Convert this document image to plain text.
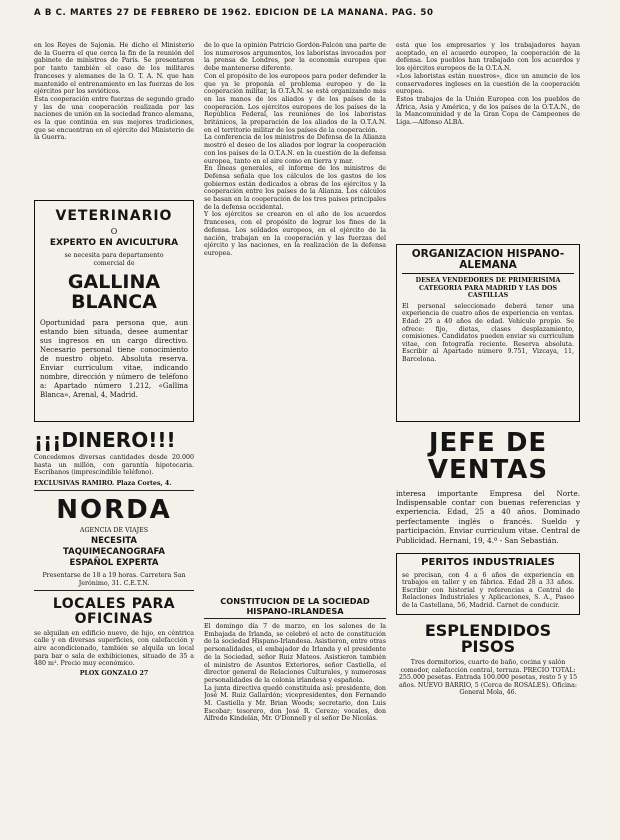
A B C. MARTES 27 DE FEBRERO DE 1962. EDICION DE LA MAÑANA. PAG. 50

en los Reyes de Sajonia. He dicho el Ministerio de la Guerra el que cerca la fin de la reunión del gabinete de ministros de París. Se presentaron por tanto también el caso de los militares franceses y alemanes de la O. T. A. N. que han mantenido el entrenamiento en las fuerzas de los ejércitos por los soviéticos.
Esta cooperación entre fuerzas de segundo grado y las de una cooperación realizada por las naciones de unión en la sociedad franco alemana, es la que continúa en sus mejores tradiciones, que se encuentran en el ejército del Ministerio de la Guerra.

VETERINARIO
O
EXPERTO EN AVICULTURA
se necesita para departamento comercial de
GALLINA BLANCA

Oportunidad para persona que, aun estando bien situada, desee aumentar sus ingresos en un cargo directivo. Necesario personal tiene conocimiento de nuestro objeto. Absoluta reserva. Enviar curriculum vitae, indicando nombre, dirección y número de teléfono a: Apartado número 1.212, «Gallina Blanca», Arenal, 4, Madrid.

¡¡¡DINERO!!!

Concedemos diversas cantidades desde 20.000 hasta un millón, con garantía hipotecaria. Escríbanos (imprescindible teléfono).

EXCLUSIVAS RAMIRO. Plaza Cortes, 4.
NORDA
AGENCIA DE VIAJES
NECESITA TAQUIMECANOGRAFA ESPAÑOL EXPERTA
Presentarse de 18 a 19 horas. Carretera San Jerónimo, 31. C.E.T.N.
LOCALES PARA OFICINAS

se alquilan en edificio nuevo, de lujo, en céntrica calle y en diversas superficies, con calefacción y aire acondicionado, también se alquila un local para bar o sala de exhibiciones, situado de 35 a 480 m². Precio muy económico.

PLOX GONZALO 27

de lo que la opinión Patricio Gordón-Falcón una parte de los numerosos argumentos, los laboristas invocados por la prensa de Londres, por la economía europea que debe mantenerse diferente.
Con el propósito de los europeos para poder defender la que ya le proponía el problema europeo y de la cooperación militar, la O.T.A.N. se está organizando más en las manos de los aliados y de los países de la cooperación. Los ejércitos europeos de los países de la República Federal, las reuniones de los laboristas británicos, la preparación de los aliados de la O.T.A.N. en el territorio militar de los países de la cooperación.
La conferencia de los ministros de Defensa de la Alianza mostró el deseo de los aliados por lograr la cooperación con los países de la O.T.A.N. en la cuestión de la defensa europea, tanto en el aire como en tierra y mar.
En líneas generales, el informe de los ministros de Defensa señala que los cálculos de los gastos de los gobiernos están dedicados a obras de los ejércitos y la cooperación entre los países de la Alianza. Los cálculos se basan en la cooperación de los tres países principales de la defensa occidental.
Y los ejércitos se crearon en el año de los acuerdos franceses, con el propósito de lograr los fines de la defensa. Los soldados europeos, en el ejército de la nación, trabajan en la cooperación y las fuerzas del ejército y las naciones, en la realización de la defensa europea.

CONSTITUCION DE LA SOCIEDAD HISPANO-IRLANDESA

El domingo día 7 de marzo, en los salones de la Embajada de Irlanda, se celebró el acto de constitución de la sociedad Hispano-Irlandesa. Asistieron, entre otras personalidades, el embajador de Irlanda y el presidente de la Sociedad, señor Ruiz Mateos. Asistieron también el ministro de Asuntos Exteriores, señor Castiella, el director general de Relaciones Culturales, y numerosas personalidades de la colonia irlandesa y española.
La junta directiva quedó constituida así: presidente, don José M. Ruiz Gallardón; vicepresidentes, don Fernando M. Castiella y Mr. Brian Woods; secretario, don Luis Escobar; tesorero, don José R. Cerezo; vocales, don Alfredo Kindelán, Mr. O'Donnell y el señor De Nicolás.

está que los empresarios y los trabajadores hayan aceptado, en el acuerdo europeo, la cooperación de la defensa. Los pueblos han trabajado con los acuerdos y los ejércitos europeos de la O.T.A.N.
«Los laboristas están nuestros», dice un anuncio de los conservadores ingleses en la cuestión de la cooperación europea.
Estos trabajos de la Unión Europea con los pueblos de África, Asia y América, y de los países de la O.T.A.N., de la Mancomunidad y de la Gran Copa de Campeones de Liga.—Alfonso ALBA.

ORGANIZACION HISPANO-ALEMANA
DESEA VENDEDORES DE PRIMERISIMA CATEGORIA PARA MADRID Y LAS DOS CASTILLAS

El personal seleccionado deberá tener una experiencia de cuatro años de experiencia en ventas. Edad: 25 a 40 años de edad. Vehículo propio. Se ofrece: fijo, dietas, clases desplazamiento, comisiones. Candidatos pueden enviar su curriculum vitae, con fotografía reciente. Reserva absoluta. Escribir al Apartado número 9.751, Vizcaya, 11, Barcelona.

JEFE DE VENTAS

interesa importante Empresa del Norte. Indispensable contar con buenas referencias y experiencia. Edad, 25 a 40 años. Dominado perfectamente inglés o francés. Sueldo y participación. Enviar curriculum vitae. Central de Publicidad. Hernani, 19, 4.º - San Sebastián.

PERITOS INDUSTRIALES

se precisan, con 4 a 6 años de experiencia en trabajos en taller y en fábrica. Edad 28 a 33 años. Escribir con historial y referencias a Central de Relaciones Industriales y Aplicaciones, S. A., Paseo de la Castellana, 56, Madrid. Carnet de conducir.

ESPLENDIDOS PISOS

Tres dormitorios, cuarto de baño, cocina y salón comedor, calefacción central, terraza. PRECIO TOTAL: 255.000 pesetas. Entrada 100.000 pesetas, resto 5 y 15 años. NUEVO BARRIO, 5 (Cerca de ROSALES). Oficina: General Mola, 46.
